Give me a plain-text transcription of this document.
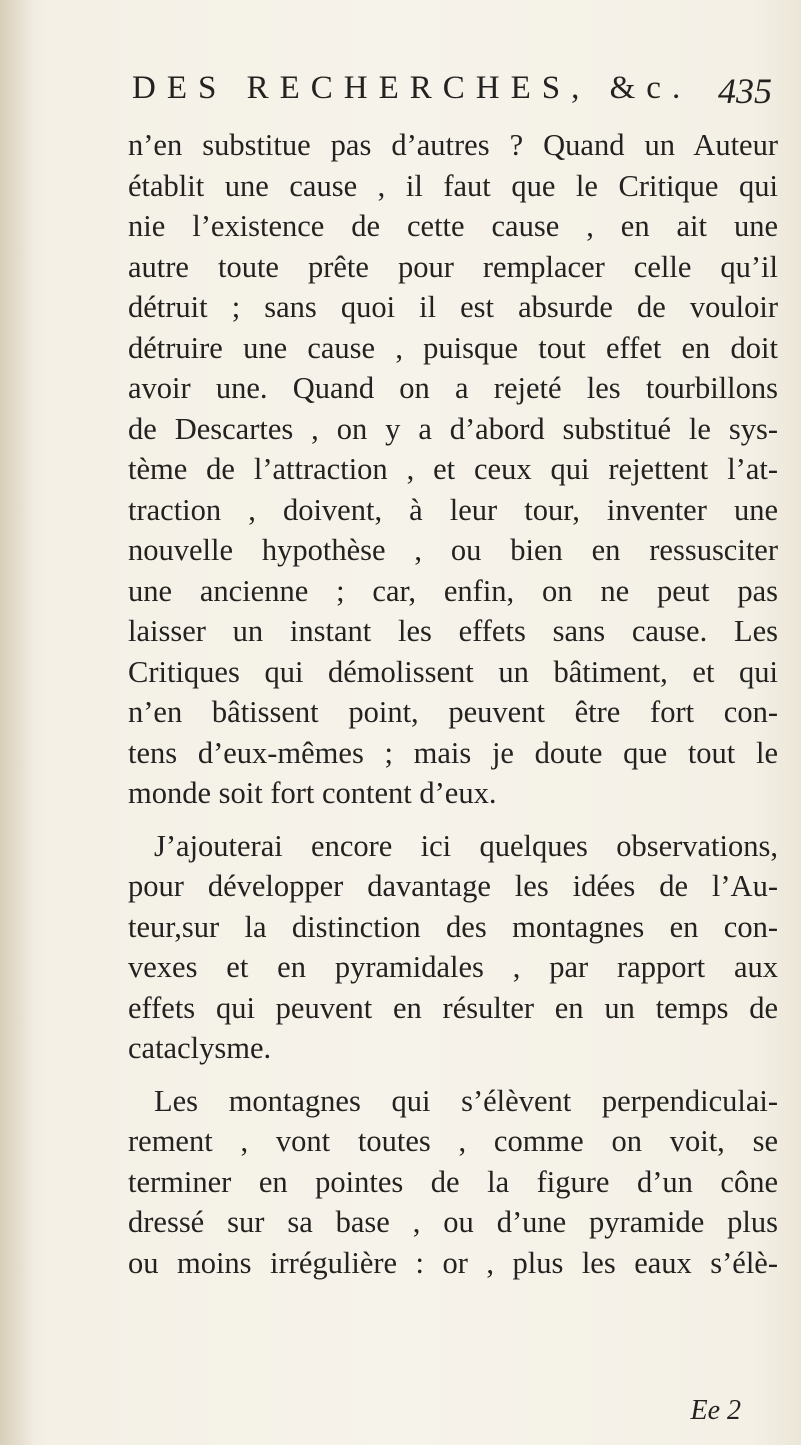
DES RECHERCHES, &c. 435
n’en substitue pas d’autres ? Quand un Auteur
établit une cause , il faut que le Critique qui
nie l’existence de cette cause , en ait une
autre toute prête pour remplacer celle qu’il
détruit ; sans quoi il est absurde de vouloir
détruire une cause , puisque tout effet en doit
avoir une. Quand on a rejeté les tourbillons
de Descartes , on y a d’abord substitué le sys-
tème de l’attraction , et ceux qui rejettent l’at-
traction , doivent, à leur tour, inventer une
nouvelle hypothèse , ou bien en ressusciter
une ancienne ; car, enfin, on ne peut pas
laisser un instant les effets sans cause. Les
Critiques qui démolissent un bâtiment, et qui
n’en bâtissent point, peuvent être fort con-
tens d’eux-mêmes ; mais je doute que tout le
monde soit fort content d’eux.
J’ajouterai encore ici quelques observations,
pour développer davantage les idées de l’Au-
teur,sur la distinction des montagnes en con-
vexes et en pyramidales , par rapport aux
effets qui peuvent en résulter en un temps de
cataclysme.
Les montagnes qui s’élèvent perpendiculai-
rement , vont toutes , comme on voit, se
terminer en pointes de la figure d’un cône
dressé sur sa base , ou d’une pyramide plus
ou moins irrégulière : or , plus les eaux s’élè-
Ee 2
